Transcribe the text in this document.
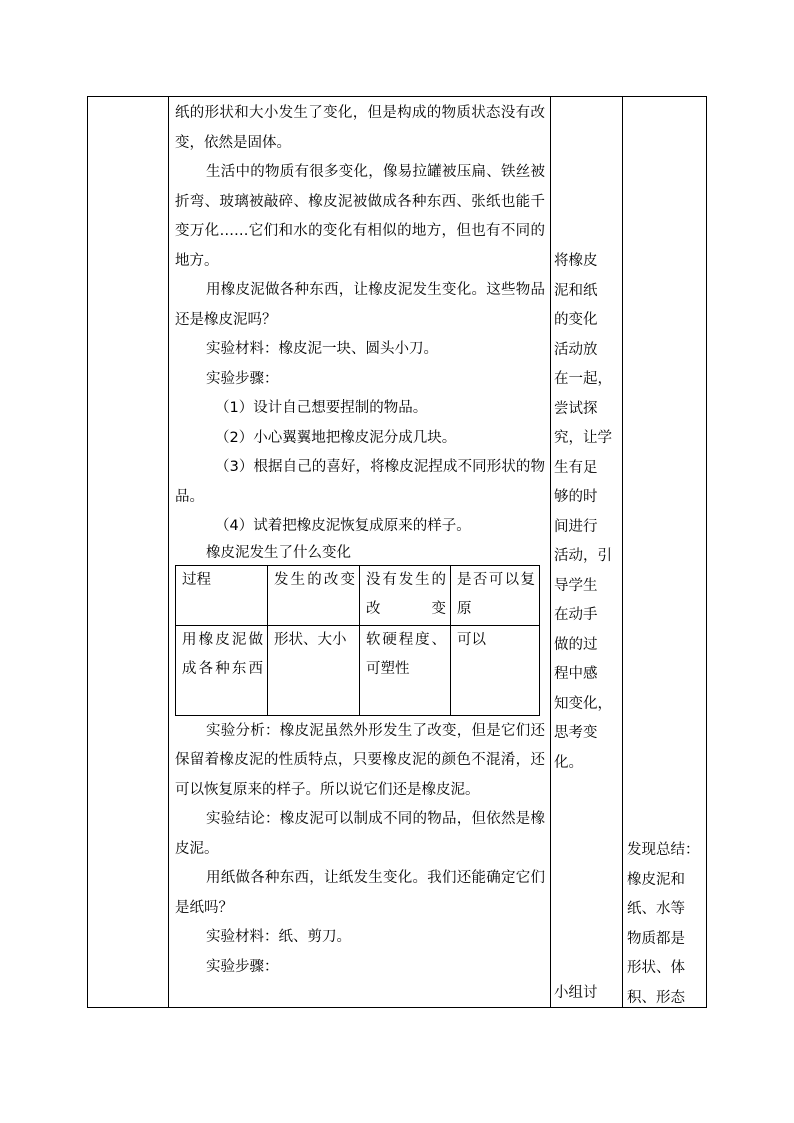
纸的形状和大小发生了变化，但是构成的物质状态没有改变，依然是固体。

生活中的物质有很多变化，像易拉罐被压扁、铁丝被折弯、玻璃被敲碎、橡皮泥被做成各种东西、张纸也能千变万化……它们和水的变化有相似的地方，但也有不同的地方。

用橡皮泥做各种东西，让橡皮泥发生变化。这些物品还是橡皮泥吗？

实验材料：橡皮泥一块、圆头小刀。

实验步骤：

（1）设计自己想要捏制的物品。

（2）小心翼翼地把橡皮泥分成几块。

（3）根据自己的喜好，将橡皮泥捏成不同形状的物品。

（4）试着把橡皮泥恢复成原来的样子。

橡皮泥发生了什么变化

过程	发生的改变	没有发生的改变	是否可以复原
用橡皮泥做成各种东西	形状、大小	软硬程度、可塑性	可以

实验分析：橡皮泥虽然外形发生了改变，但是它们还保留着橡皮泥的性质特点，只要橡皮泥的颜色不混淆，还可以恢复原来的样子。所以说它们还是橡皮泥。

实验结论：橡皮泥可以制成不同的物品，但依然是橡皮泥。

用纸做各种东西，让纸发生变化。我们还能确定它们是纸吗？

实验材料：纸、剪刀。

实验步骤：

将橡皮
泥和纸
的变化
活动放
在一起，
尝试探
究，让学
生有足
够的时
间进行
活动，引
导学生
在动手
做的过
程中感
知变化，
思考变
化。
小组讨
发现总结：
橡皮泥和
纸、水等
物质都是
形状、体
积、形态
